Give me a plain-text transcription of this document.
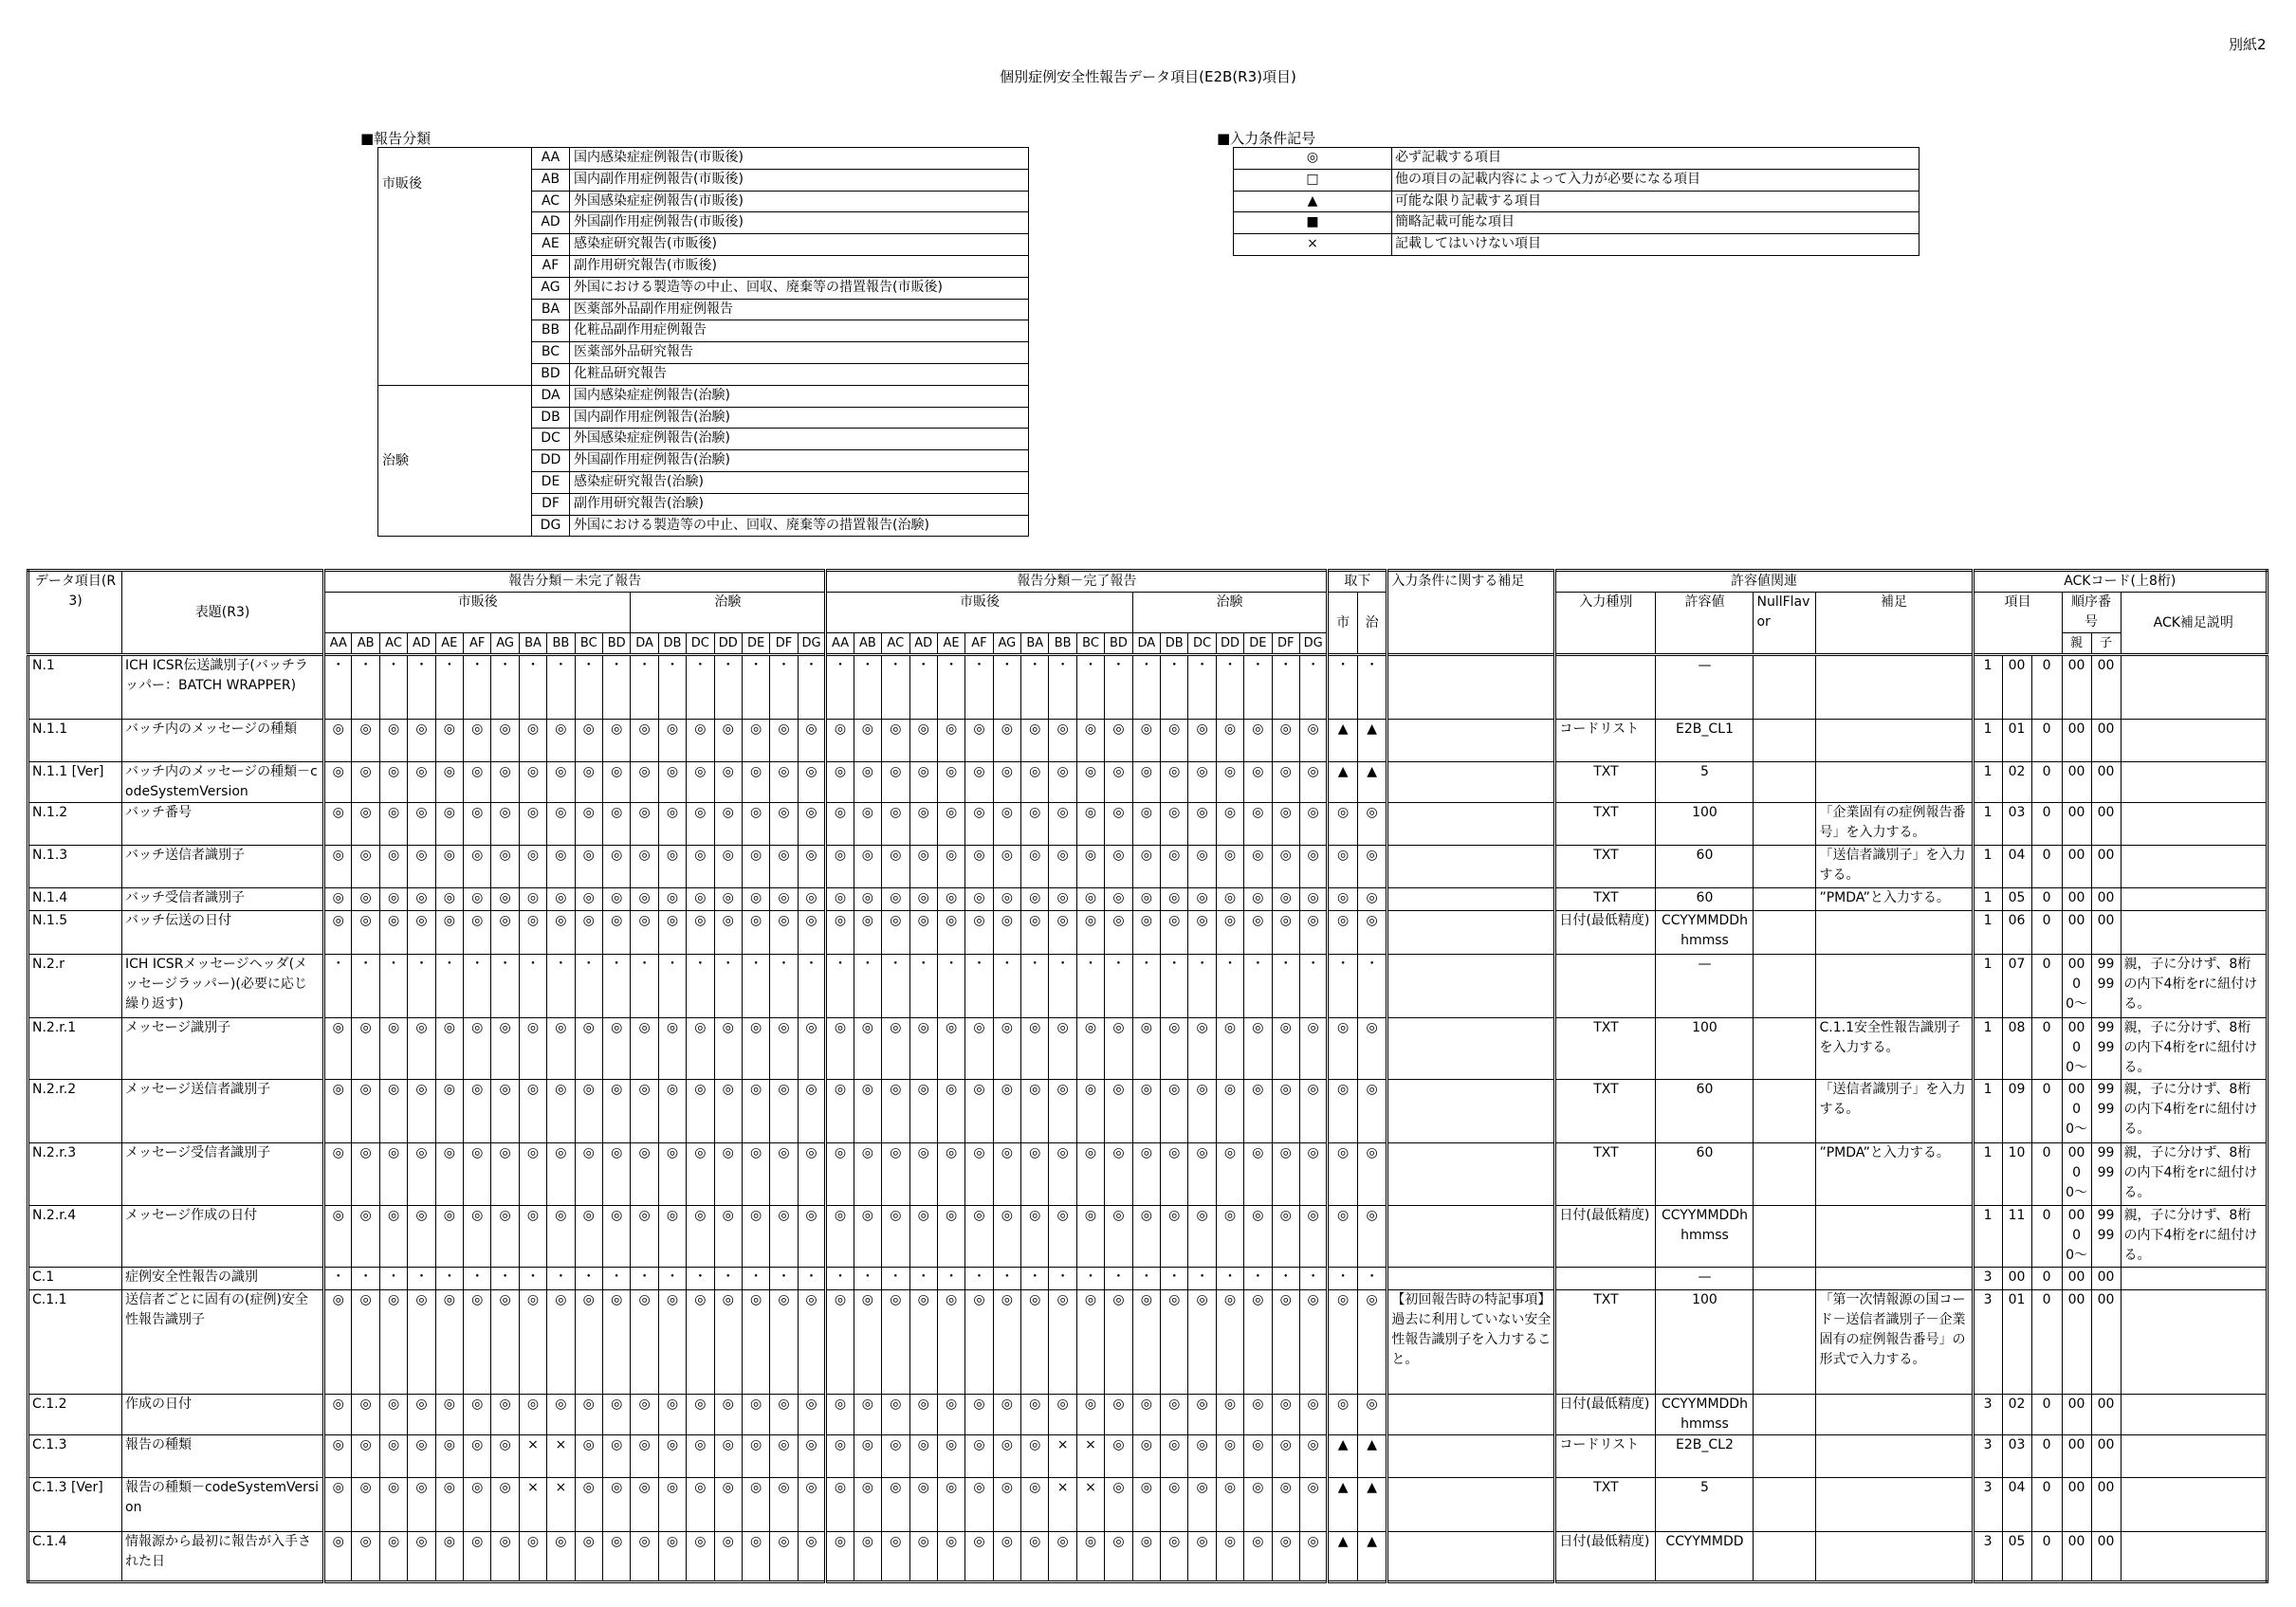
別紙2
個別症例安全性報告データ項目(E2B(R3)項目)
■報告分類
市販後	AA	国内感染症症例報告(市販後)
	AB	国内副作用症例報告(市販後)
	AC	外国感染症症例報告(市販後)
	AD	外国副作用症例報告(市販後)
	AE	感染症研究報告(市販後)
	AF	副作用研究報告(市販後)
	AG	外国における製造等の中止、回収、廃棄等の措置報告(市販後)
	BA	医薬部外品副作用症例報告
	BB	化粧品副作用症例報告
	BC	医薬部外品研究報告
	BD	化粧品研究報告
治験	DA	国内感染症症例報告(治験)
	DB	国内副作用症例報告(治験)
	DC	外国感染症症例報告(治験)
	DD	外国副作用症例報告(治験)
	DE	感染症研究報告(治験)
	DF	副作用研究報告(治験)
	DG	外国における製造等の中止、回収、廃棄等の措置報告(治験)
■入力条件記号
◎	必ず記載する項目
□	他の項目の記載内容によって入力が必要になる項目
▲	可能な限り記載する項目
■	簡略記載可能な項目
×	記載してはいけない項目
データ項目(R3)	表題(R3)	報告分類－未完了報告																		報告分類－完了報告																		取下		入力条件に関する補足	許容値関連				ACKコード(上8桁)					
		市販後											治験							市販後											治験							市	治		入力種別	許容値	NullFlavor	補足	項目			順序番号		ACK補足説明
		AA	AB	AC	AD	AE	AF	AG	BA	BB	BC	BD	DA	DB	DC	DD	DE	DF	DG	AA	AB	AC	AD	AE	AF	AG	BA	BB	BC	BD	DA	DB	DC	DD	DE	DF	DG											親	子	
N.1	ICH ICSR伝送識別子(バッチラッパー：BATCH WRAPPER)	・	・	・	・	・	・	・	・	・	・	・	・	・	・	・	・	・	・	・	・	・	・	・	・	・	・	・	・	・	・	・	・	・	・	・	・	・	・			—			1	00	0	00	00	
N.1.1	バッチ内のメッセージの種類	◎	◎	◎	◎	◎	◎	◎	◎	◎	◎	◎	◎	◎	◎	◎	◎	◎	◎	◎	◎	◎	◎	◎	◎	◎	◎	◎	◎	◎	◎	◎	◎	◎	◎	◎	◎	▲	▲		コードリスト	E2B_CL1			1	01	0	00	00	
N.1.1 [Ver]	バッチ内のメッセージの種類－codeSystemVersion	◎	◎	◎	◎	◎	◎	◎	◎	◎	◎	◎	◎	◎	◎	◎	◎	◎	◎	◎	◎	◎	◎	◎	◎	◎	◎	◎	◎	◎	◎	◎	◎	◎	◎	◎	◎	▲	▲		TXT	5			1	02	0	00	00	
N.1.2	バッチ番号	◎	◎	◎	◎	◎	◎	◎	◎	◎	◎	◎	◎	◎	◎	◎	◎	◎	◎	◎	◎	◎	◎	◎	◎	◎	◎	◎	◎	◎	◎	◎	◎	◎	◎	◎	◎	◎	◎		TXT	100		「企業固有の症例報告番号」を入力する。	1	03	0	00	00	
N.1.3	バッチ送信者識別子	◎	◎	◎	◎	◎	◎	◎	◎	◎	◎	◎	◎	◎	◎	◎	◎	◎	◎	◎	◎	◎	◎	◎	◎	◎	◎	◎	◎	◎	◎	◎	◎	◎	◎	◎	◎	◎	◎		TXT	60		「送信者識別子」を入力する。	1	04	0	00	00	
N.1.4	バッチ受信者識別子	◎	◎	◎	◎	◎	◎	◎	◎	◎	◎	◎	◎	◎	◎	◎	◎	◎	◎	◎	◎	◎	◎	◎	◎	◎	◎	◎	◎	◎	◎	◎	◎	◎	◎	◎	◎	◎	◎		TXT	60		”PMDA”と入力する。	1	05	0	00	00	
N.1.5	バッチ伝送の日付	◎	◎	◎	◎	◎	◎	◎	◎	◎	◎	◎	◎	◎	◎	◎	◎	◎	◎	◎	◎	◎	◎	◎	◎	◎	◎	◎	◎	◎	◎	◎	◎	◎	◎	◎	◎	◎	◎		日付(最低精度)	CCYYMMDDhhmmss			1	06	0	00	00	
N.2.r	ICH ICSRメッセージヘッダ(メッセージラッパー)(必要に応じ繰り返す)	・	・	・	・	・	・	・	・	・	・	・	・	・	・	・	・	・	・	・	・	・	・	・	・	・	・	・	・	・	・	・	・	・	・	・	・	・	・			—			1	07	0	0000〜	9999	親，子に分けず、8桁の内下4桁をrに紐付ける。
N.2.r.1	メッセージ識別子	◎	◎	◎	◎	◎	◎	◎	◎	◎	◎	◎	◎	◎	◎	◎	◎	◎	◎	◎	◎	◎	◎	◎	◎	◎	◎	◎	◎	◎	◎	◎	◎	◎	◎	◎	◎	◎	◎		TXT	100		C.1.1安全性報告識別子を入力する。	1	08	0	0000〜	9999	親，子に分けず、8桁の内下4桁をrに紐付ける。
N.2.r.2	メッセージ送信者識別子	◎	◎	◎	◎	◎	◎	◎	◎	◎	◎	◎	◎	◎	◎	◎	◎	◎	◎	◎	◎	◎	◎	◎	◎	◎	◎	◎	◎	◎	◎	◎	◎	◎	◎	◎	◎	◎	◎		TXT	60		「送信者識別子」を入力する。	1	09	0	0000〜	9999	親，子に分けず、8桁の内下4桁をrに紐付ける。
N.2.r.3	メッセージ受信者識別子	◎	◎	◎	◎	◎	◎	◎	◎	◎	◎	◎	◎	◎	◎	◎	◎	◎	◎	◎	◎	◎	◎	◎	◎	◎	◎	◎	◎	◎	◎	◎	◎	◎	◎	◎	◎	◎	◎		TXT	60		”PMDA”と入力する。	1	10	0	0000〜	9999	親，子に分けず、8桁の内下4桁をrに紐付ける。
N.2.r.4	メッセージ作成の日付	◎	◎	◎	◎	◎	◎	◎	◎	◎	◎	◎	◎	◎	◎	◎	◎	◎	◎	◎	◎	◎	◎	◎	◎	◎	◎	◎	◎	◎	◎	◎	◎	◎	◎	◎	◎	◎	◎		日付(最低精度)	CCYYMMDDhhmmss			1	11	0	0000〜	9999	親，子に分けず、8桁の内下4桁をrに紐付ける。
C.1	症例安全性報告の識別	・	・	・	・	・	・	・	・	・	・	・	・	・	・	・	・	・	・	・	・	・	・	・	・	・	・	・	・	・	・	・	・	・	・	・	・	・	・			—			3	00	0	00	00	
C.1.1	送信者ごとに固有の(症例)安全性報告識別子	◎	◎	◎	◎	◎	◎	◎	◎	◎	◎	◎	◎	◎	◎	◎	◎	◎	◎	◎	◎	◎	◎	◎	◎	◎	◎	◎	◎	◎	◎	◎	◎	◎	◎	◎	◎	◎	◎	【初回報告時の特記事項】過去に利用していない安全性報告識別子を入力すること。	TXT	100		「第一次情報源の国コード－送信者識別子－企業固有の症例報告番号」の形式で入力する。	3	01	0	00	00	
C.1.2	作成の日付	◎	◎	◎	◎	◎	◎	◎	◎	◎	◎	◎	◎	◎	◎	◎	◎	◎	◎	◎	◎	◎	◎	◎	◎	◎	◎	◎	◎	◎	◎	◎	◎	◎	◎	◎	◎	◎	◎		日付(最低精度)	CCYYMMDDhhmmss			3	02	0	00	00	
C.1.3	報告の種類	◎	◎	◎	◎	◎	◎	◎	×	×	◎	◎	◎	◎	◎	◎	◎	◎	◎	◎	◎	◎	◎	◎	◎	◎	◎	×	×	◎	◎	◎	◎	◎	◎	◎	◎	▲	▲		コードリスト	E2B_CL2			3	03	0	00	00	
C.1.3 [Ver]	報告の種類－codeSystemVersion	◎	◎	◎	◎	◎	◎	◎	×	×	◎	◎	◎	◎	◎	◎	◎	◎	◎	◎	◎	◎	◎	◎	◎	◎	◎	×	×	◎	◎	◎	◎	◎	◎	◎	◎	▲	▲		TXT	5			3	04	0	00	00	
C.1.4	情報源から最初に報告が入手された日	◎	◎	◎	◎	◎	◎	◎	◎	◎	◎	◎	◎	◎	◎	◎	◎	◎	◎	◎	◎	◎	◎	◎	◎	◎	◎	◎	◎	◎	◎	◎	◎	◎	◎	◎	◎	▲	▲		日付(最低精度)	CCYYMMDD			3	05	0	00	00	
